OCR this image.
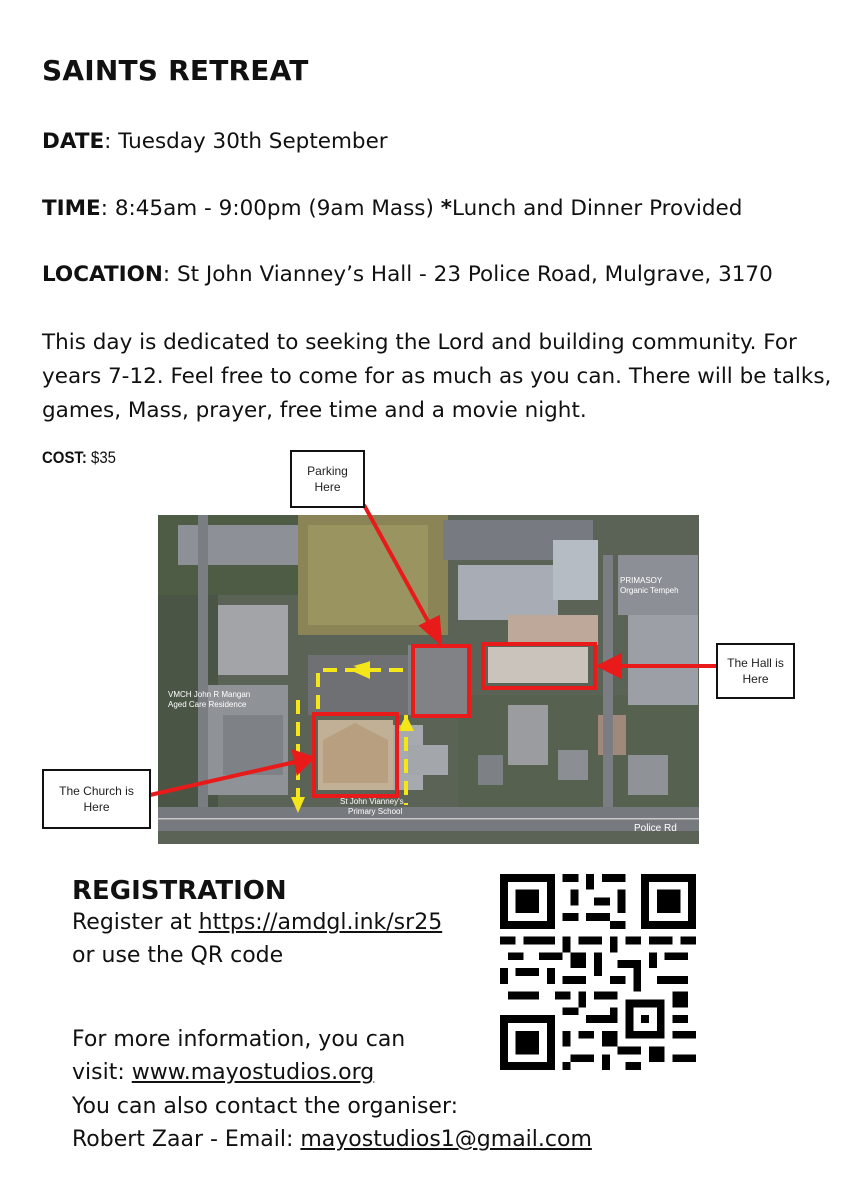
SAINTS RETREAT
DATE: Tuesday 30th September
TIME: 8:45am - 9:00pm (9am Mass) *Lunch and Dinner Provided
LOCATION: St John Vianney’s Hall - 23 Police Road, Mulgrave, 3170
This day is dedicated to seeking the Lord and building community. For years 7-12. Feel free to come for as much as you can. There will be talks, games, Mass, prayer, free time and a movie night.
COST: $35
VMCH John R Mangan
Aged Care Residence
PRIMASOY
Organic Tempeh
St John Vianney's
Primary School
Police Rd
Parking
Here
The Hall is
Here
The Church is
Here
REGISTRATION
Register at https://amdgl.ink/sr25
or use the QR code
For more information, you can
visit: www.mayostudios.org
You can also contact the organiser:
Robert Zaar - Email: mayostudios1@gmail.com
